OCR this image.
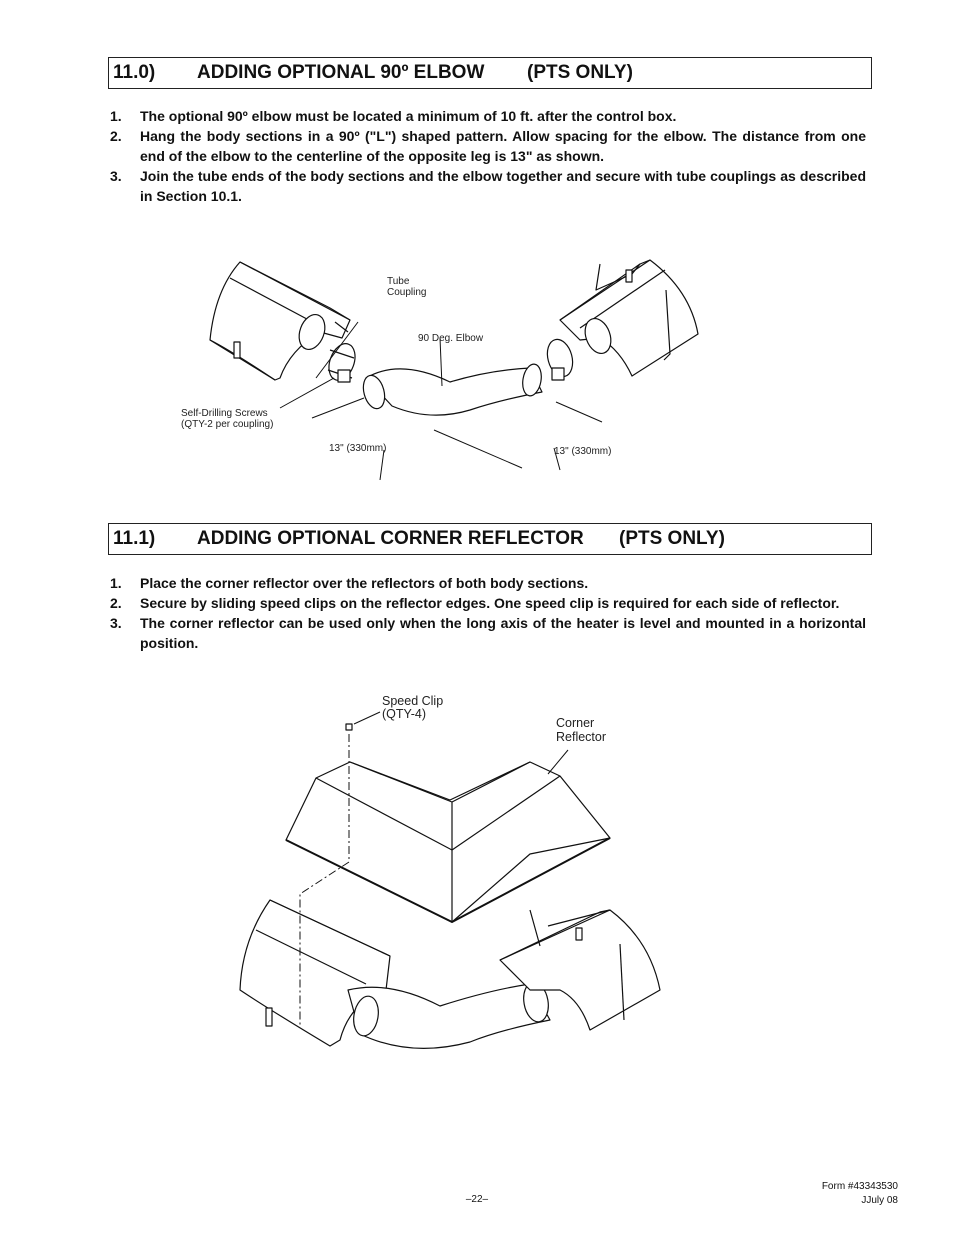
11.0) ADDING OPTIONAL 90º ELBOW (PTS ONLY)
1. The optional 90º elbow must be located a minimum of 10 ft. after the control box.
2. Hang the body sections in a 90º ("L") shaped pattern. Allow spacing for the elbow. The distance from one end of the elbow to the centerline of the opposite leg is 13" as shown.
3. Join the tube ends of the body sections and the elbow together and secure with tube couplings as described in Section 10.1.
Tube
Coupling
90 Deg. Elbow
Self-Drilling Screws
(QTY-2 per coupling)
13" (330mm)	13" (330mm)
11.1) ADDING OPTIONAL CORNER REFLECTOR (PTS ONLY)
1. Place the corner reflector over the reflectors of both body sections.
2. Secure by sliding speed clips on the reflector edges. One speed clip is required for each side of reflector.
3. The corner reflector can be used only when the long axis of the heater is level and mounted in a horizontal position.
Speed Clip
(QTY-4)
Corner
Reflector
–22–
Form #43343530
JJuly 08
